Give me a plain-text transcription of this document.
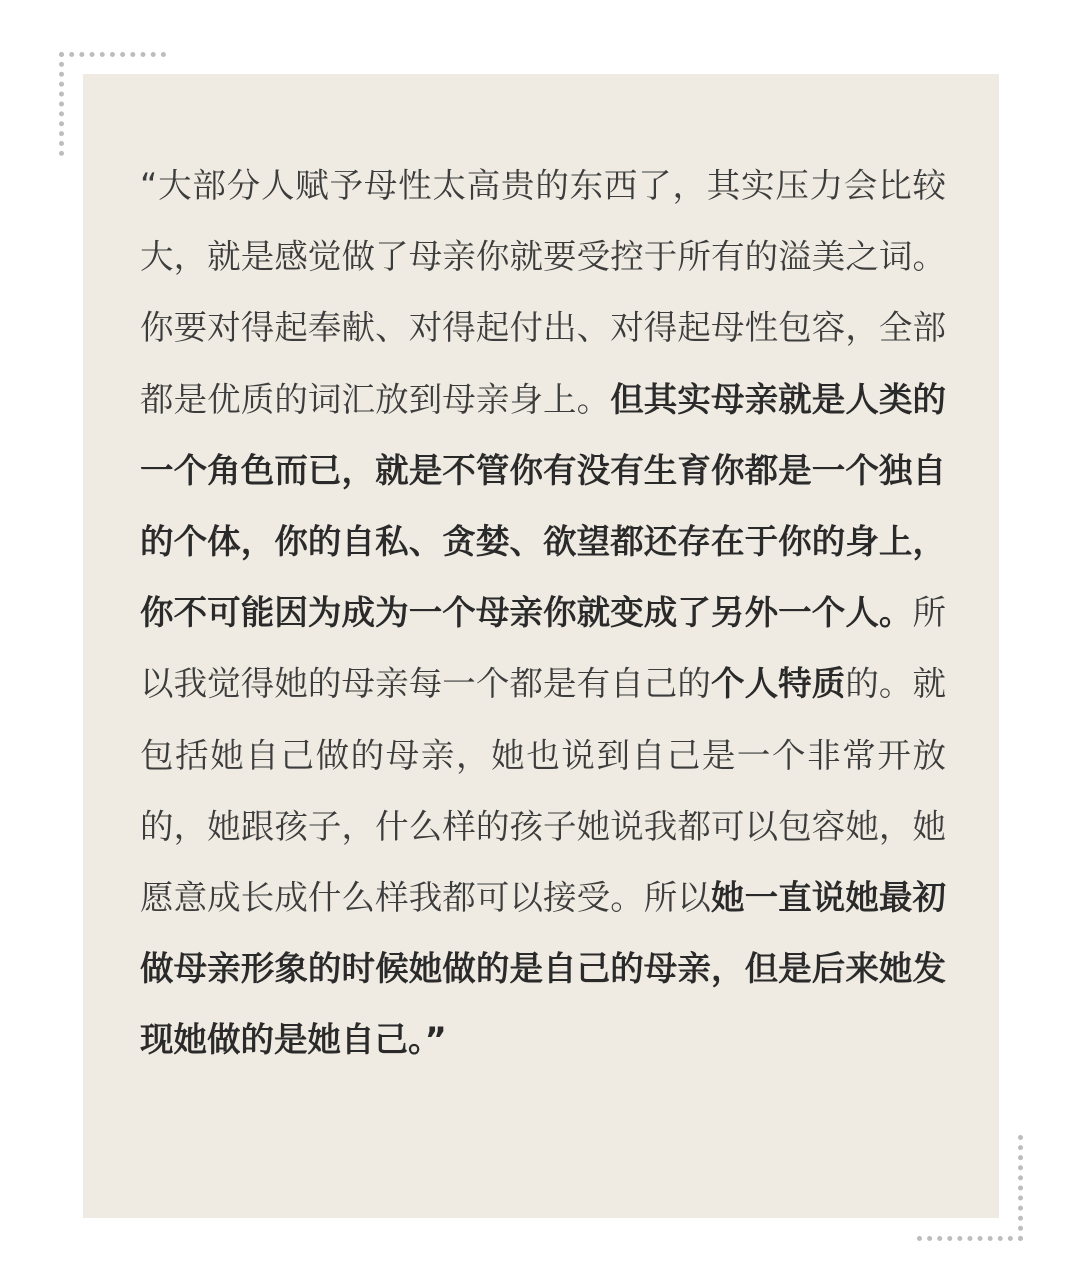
“大部分人赋予母性太高贵的东西了，其实压力会比较大，就是感觉做了母亲你就要受控于所有的溢美之词。你要对得起奉献、对得起付出、对得起母性包容，全部都是优质的词汇放到母亲身上。但其实母亲就是人类的一个角色而已，就是不管你有没有生育你都是一个独自的个体，你的自私、贪婪、欲望都还存在于你的身上，你不可能因为成为一个母亲你就变成了另外一个人。所以我觉得她的母亲每一个都是有自己的个人特质的。就包括她自己做的母亲，她也说到自己是一个非常开放的，她跟孩子，什么样的孩子她说我都可以包容她，她愿意成长成什么样我都可以接受。所以她一直说她最初做母亲形象的时候她做的是自己的母亲，但是后来她发现她做的是她自己。”
